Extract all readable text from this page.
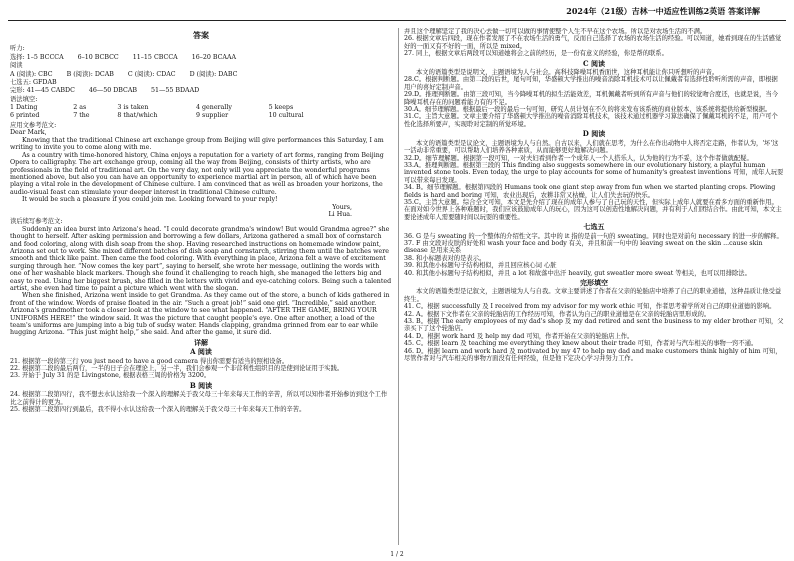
2024年（21级）吉林一中适应性训练2英语 答案详解
答案
听力:
选择: 1–5 BCCCA	6–10 BCBCC	11–15 CBCCA	16–20 BCAAA
阅读
A (阅读): CBC	B (阅读): DCAB	C (阅读): CDAC	D (阅读): DABC
七选五: GFDAB
完形: 41—45 CABDC	46—50 DBCAB	51—55 BDAAD
语法填空:
1 Dating	2 as	3 is taken	4 generally	5 keeps
6 printed	7 the	8 that/which	9 supplier	10 cultural
应用文参考范文:
Dear Mark,
Knowing that the traditional Chinese art exchange group from Beijing will give performances this Saturday, I am writing to invite you to come along with me.
As a country with time-honored history, China enjoys a reputation for a variety of art forms, ranging from Beijing Opera to calligraphy. The art exchange group, coming all the way from Beijing, consists of thirty artists, who are professionals in the field of traditional art. On the very day, not only will you appreciate the wonderful programs mentioned above, but also you can have an opportunity to experience martial art in person, all of which have been playing a vital role in the development of Chinese culture. I am convinced that as well as broaden your horizons, the audio-visual feast can stimulate your deeper interest in traditional Chinese culture.
It would be such a pleasure if you could join me. Looking forward to your reply!
Yours,
Li Hua.
读后续写参考范文:
Suddenly an idea burst into Arizona's head. “I could decorate grandma's window! But would Grandma agree?” she thought to herself. After asking permission and borrowing a few dollars, Arizona gathered a small box of cornstarch and food coloring, along with dish soap from the shop. Having researched instructions on homemade window paint, Arizona set out to work. She mixed different batches of dish soap and cornstarch, stirring them until the batches were smooth and thick like paint. Then came the food coloring. With everything in place, Arizona felt a wave of excitement surging through her. “Now comes the key part”, saying to herself, she wrote her message, outlining the words with one of her washable black markers. Though she found it challenging to reach high, she managed the letters big and easy to read. Using her biggest brush, she filled in the letters with vivid and eye-catching colors. Being such a talented artist, she even had time to paint a picture which went with the slogan.
When she finished, Arizona went inside to get Grandma. As they came out of the store, a bunch of kids gathered in front of the window. Words of praise floated in the air. “Such a great job!” said one girl. “Incredible,” said another. Arizona's grandmother took a closer look at the window to see what happened. “AFTER THE GAME, BRING YOUR UNIFORMS HERE!” the window said. It was the picture that caught people's eye. One after another, a load of the team's uniforms are jumping into a big tub of sudsy water. Hands clapping, grandma grinned from ear to ear while hugging Arizona. “This just might help,” she said. And after the game, it sure did.
详解
A 阅读
21. 根据第一段的第三行 you just need to have a good camera 得出你需要有适当的照相设备。
22. 根据第二段的最后两行，一半的日子会在理论上，另一半，我们会参观一个非营利性组织目的是使到论证用于实践。
23. 开始于 July 31 的是 Livingstone, 根据表格三周的价格为 3200。
B 阅读
24. 根据第二段第四行，我不想去水认这给我一个深入的理解关于我父母三十年来每天工作的辛苦，所以可以知作者开始参访到这个工作比之前得计的更为。
25. 根据第二段第四行到最后，我不得小水认这给我一个深入的理解关于我父母三十年来每天工作的辛苦。
并且这个理解坚定了我的决心去做一切可以做的事情使整个人生不早在这个农场。所以是对农场生活的不满。
26. 根据文章后四段，现在作者发展了不在农场生活的勇气，反而自己选择了农场的农场生活的经验。可以知道，她看到现在的生活感觉好的一面又有不好的一面，所以是 mixed。
27. 同上，根据文章后两段可以知道她将会之前的经历，是一份有意义的经验，你是帮的联系。
C 阅读
本文的语篇类型是说明文，主题语境为人与社会。高科技降噪耳机香面世，这种耳机能让你只听想听的声音。
28.C。根据判断题。由第二段的后世，尾句可知，华盛顿大学推出的噪音消除耳机技术可以让佩戴者有选择性聆听所需的声音，即根据用户的喜好定制声音。
29.D。推理判断题。由第三段可知，当今降噪耳机的拟生活能效差，耳机佩戴者听到所有声音与他们的较觉吻合度还，也就是说，当今降噪耳机存在的问题看能力有的不足。
30.A。细节理解题。根据最后一段的最后一句可知，研究人员计划在不久的将来发布该系统的商业版本，该系统将提供给新型模据。
31.C。主旨大意题。文章主要介绍了华盛顿大学推出的噪音消除耳机技术，该技术通过机器学习算法确保了佩戴耳机的不足，用户可个性化选择所要声，实现聆对定制的所觉环境。
D 阅读
本文的语篇类型是议论文，主题语境为人与自然。自古以来，人们就在思考，为什么在作出动物中人将否定走路，作者认为，'坏'这一活动非常重要，可以帮助人们培养各种素质，从而能够更好地解决问题。
32.D。细节理解题。根据第一段可知，一对夫妇看到作者一个成年人一个人搭乐人，认为他的行为不妥，这个作者做就配疑。
33.A。推理判断题。根据第三段的 This finding also suggests somewhere in our evolutionary history, a playful human invented stone tools. Even today, the urge to play accounts for some of humanity's greatest inventions 可知，成年人玩耍可以带来每日发现。
34. B。细节理解题。根据第四段的 Humans took one giant step away from fun when we started planting crops. Plowing fields is hard and boring 可知，农业出现后，农耕非常又枯燥，让人们失去玩的快乐。
35.C。主旨大意题。综合全文可知，本文是先介绍了现在的成年人参与了自己玩的天性，但实际上成年人就要在看多方面的重新作用。在面对如今世界上各种难题时，我们应该鼓励成年人的玩心，因为这可以创造性地解决问题，并有利于人们团结合作。由此可知，本文主要论述成年人需要随时间以玩耍的重要性。
七选五
36. G 是与 sweating 的一个整体的介绍性文字。其中的 it 指的是前一句的 sweating。同时也是对前句 necessary 的进一步的解释。
37. F 由文段对皮肤的好处和 wash your face and body 有关，并且和前一句中的 leaving sweat on the skin ...cause skin disease 是用来关系
38. 和小标题表对的是表示。
39. 和其他小标题句子结构相似，并且回应核心词 心脏
40. 和其他小标题句子结构相似，并且 a lot 和故落中出汗 heavily, gut sweatler more sweat 等相关，也可以用排除法。
完形填空
本文的语篇类型是记叙文，主题语境为人与自我。文章主要讲述了作者在父亲的轮胎店中培养了自己的职业道德，这种品质让他受益终生。
41. C。根据 successfully 及 I received from my advisor for my work ethic 可知，作者思考着学所对自己的职业道德的影响。
42. A。根据下文作者在父亲的轮胎店的工作经历可知，作者认为自己的职业道德是在父亲的轮胎店里形成的。
43. B。根据 The early employees of my dad's shop 及 my dad retired and sent the business to my elder brother 可知，父亲买下了这个轮胎店。
44. D。根据 work hard 及 help my dad 可知，作者开始在父亲的轮胎店上作。
45. C。根据 learn 及 teaching me everything they knew about their trade 可知，作者对与汽车相关的事物一窍不通。
46. D。根据 learn and work hard 及 motivated by my 47 to help my dad and make customers think highly of him 可知，尽管作者对与汽车相关的事物方面没有任何经验，但是他下定决心学习并努力工作。
1 / 2
